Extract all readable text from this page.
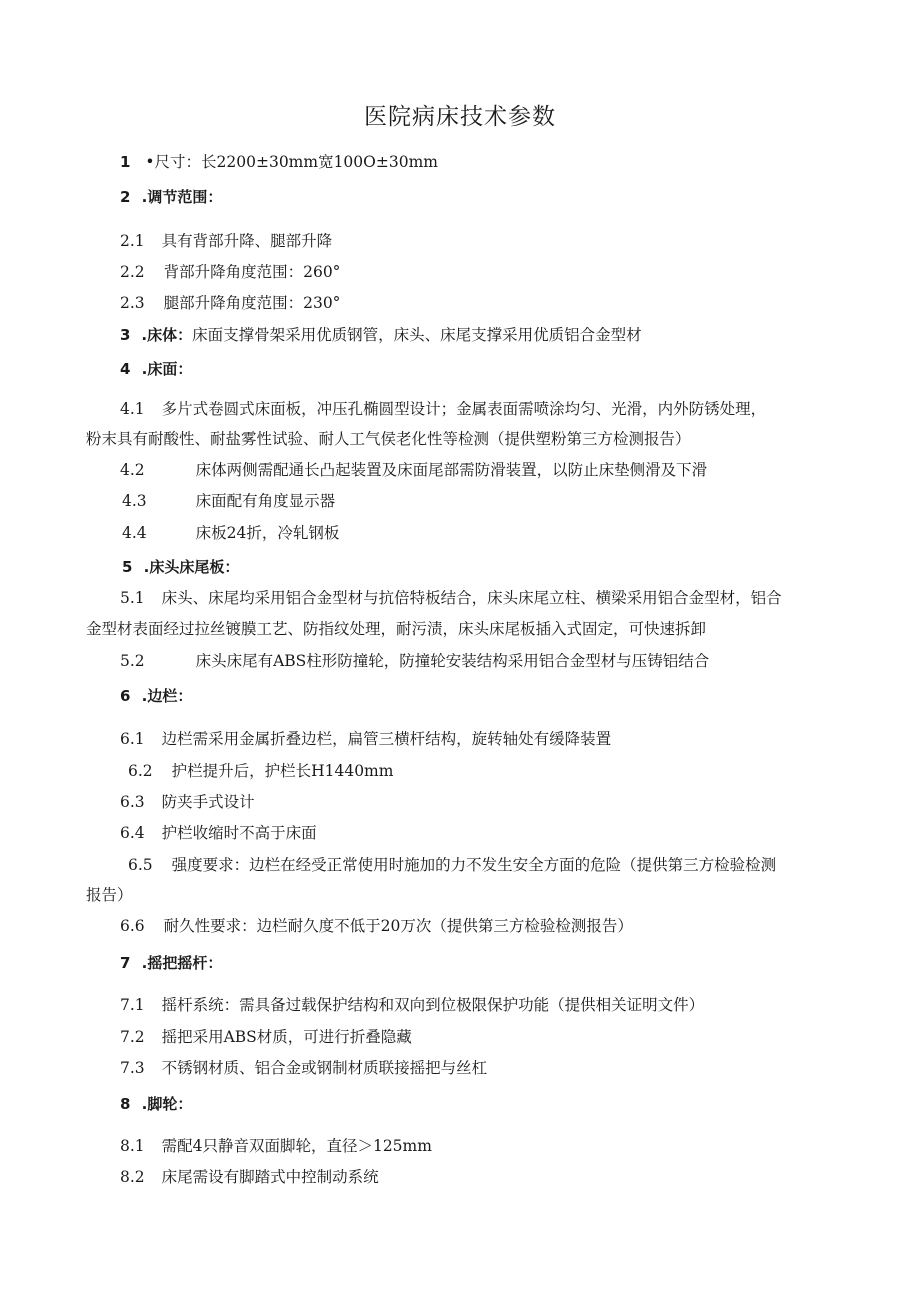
医院病床技术参数
1 •尺寸：长2200±30mm宽100O±30mm
2 .调节范围：
2.1 具有背部升降、腿部升降
2.2 背部升降角度范围：260°
2.3 腿部升降角度范围：230°
3 .床体：床面支撑骨架采用优质钢管，床头、床尾支撑采用优质铝合金型材
4 .床面：
4.1 多片式卷圆式床面板，冲压孔椭圆型设计；金属表面需喷涂均匀、光滑，内外防锈处理，
粉末具有耐酸性、耐盐雾性试验、耐人工气侯老化性等检测（提供塑粉第三方检测报告）
4.2	床体两侧需配通长凸起装置及床面尾部需防滑装置，以防止床垫侧滑及下滑
4.3	床面配有角度显示器
4.4	床板24折，冷轧钢板
5 .床头床尾板：
5.1 床头、床尾均采用铝合金型材与抗倍特板结合，床头床尾立柱、横梁采用铝合金型材，铝合
金型材表面经过拉丝镀膜工艺、防指纹处理，耐污渍，床头床尾板插入式固定，可快速拆卸
5.2	床头床尾有ABS柱形防撞轮，防撞轮安装结构采用铝合金型材与压铸铝结合
6 .边栏：
6.1 边栏需采用金属折叠边栏，扁管三横杆结构，旋转轴处有缓降装置
6.2 护栏提升后，护栏长H1440mm
6.3 防夹手式设计
6.4 护栏收缩时不高于床面
6.5 强度要求：边栏在经受正常使用时施加的力不发生安全方面的危险（提供第三方检验检测
报告）
6.6 耐久性要求：边栏耐久度不低于20万次（提供第三方检验检测报告）
7 .摇把摇杆：
7.1 摇杆系统：需具备过载保护结构和双向到位极限保护功能（提供相关证明文件）
7.2 摇把采用ABS材质，可进行折叠隐藏
7.3 不锈钢材质、铝合金或钢制材质联接摇把与丝杠
8 .脚轮：
8.1 需配4只静音双面脚轮，直径＞125mm
8.2 床尾需设有脚踏式中控制动系统
